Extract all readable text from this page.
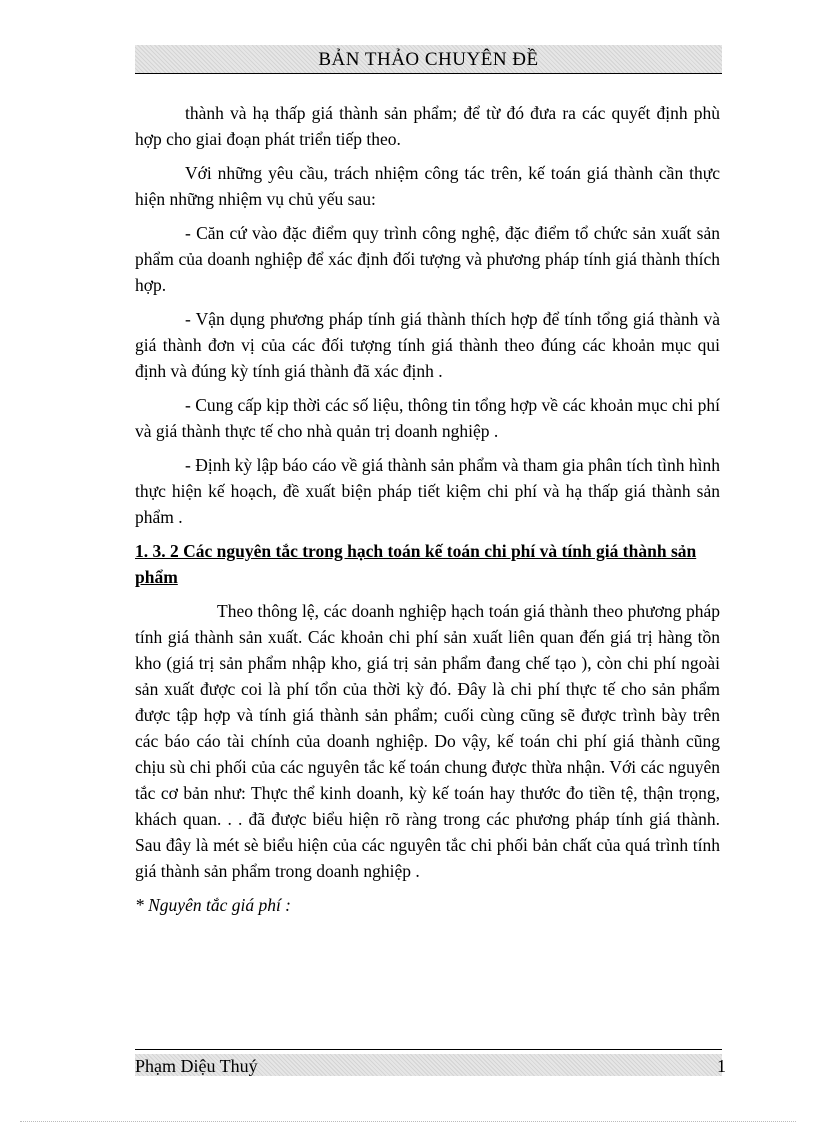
BẢN THẢO CHUYÊN ĐỀ

thành và hạ thấp giá thành sản phẩm; để từ đó đưa ra các quyết định phù hợp cho giai đoạn phát triển tiếp theo.

Với những yêu cầu, trách nhiệm công tác trên, kế toán giá thành cần thực hiện những nhiệm vụ chủ yếu sau:

- Căn cứ vào đặc điểm quy trình công nghệ, đặc điểm tổ chức sản xuất sản phẩm của doanh nghiệp để xác định đối tượng và phương pháp tính giá thành thích hợp.

- Vận dụng phương pháp tính giá thành thích hợp để tính tổng giá thành và giá thành đơn vị của các đối tượng tính giá thành theo đúng các khoản mục qui định và đúng kỳ tính giá thành đã xác định .

- Cung cấp kịp thời các số liệu, thông tin tổng hợp về các khoản mục chi phí và giá thành thực tế cho nhà quản trị doanh nghiệp .

- Định kỳ lập báo cáo về giá thành sản phẩm và tham gia phân tích tình hình thực hiện kế hoạch, đề xuất biện pháp tiết kiệm chi phí và hạ thấp giá thành sản phẩm .

1. 3. 2 Các nguyên tắc trong hạch toán kế toán chi phí và tính giá thành sản phẩm

Theo thông lệ, các doanh nghiệp hạch toán giá thành theo phương pháp tính giá thành sản xuất. Các khoản chi phí sản xuất liên quan đến giá trị hàng tồn kho (giá trị sản phẩm nhập kho, giá trị sản phẩm đang chế tạo ), còn chi phí ngoài sản xuất được coi là phí tổn của thời kỳ đó. Đây là chi phí thực tế cho sản phẩm được tập hợp và tính giá thành sản phẩm; cuối cùng cũng sẽ được trình bày trên các báo cáo tài chính của doanh nghiệp. Do vậy, kế toán chi phí giá thành cũng chịu sù chi phối của các nguyên tắc kế toán chung được thừa nhận. Với các nguyên tắc cơ bản như: Thực thể kinh doanh, kỳ kế toán hay thước đo tiền tệ, thận trọng, khách quan. . . đã được biểu hiện rõ ràng trong các phương pháp tính giá thành. Sau đây là mét sè biểu hiện của các nguyên tắc chi phối bản chất của quá trình tính giá thành sản phẩm trong doanh nghiệp .

* Nguyên tắc giá phí :

Phạm Diệu Thuý	1
